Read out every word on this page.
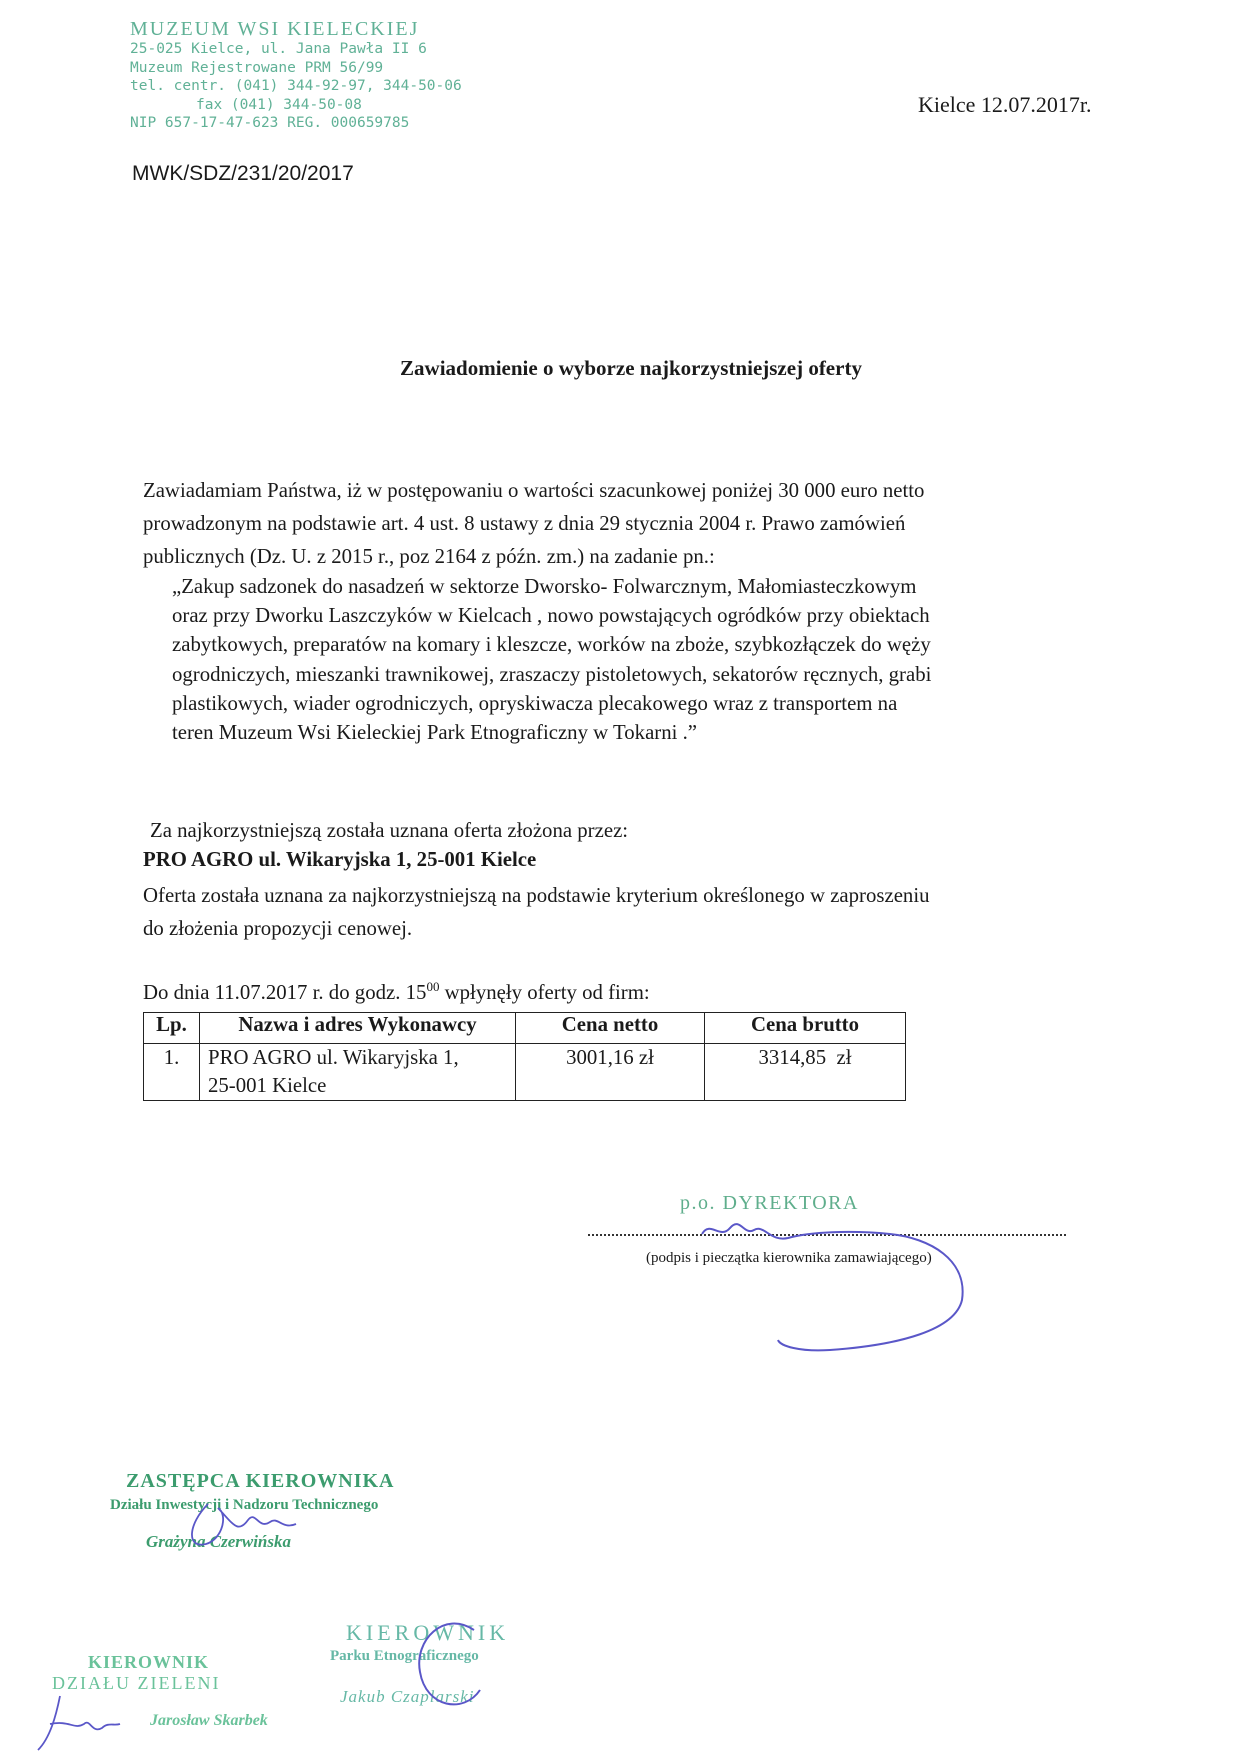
MUZEUM WSI KIELECKIEJ
25-025 Kielce, ul. Jana Pawła II 6
Muzeum Rejestrowane PRM 56/99
tel. centr. (041) 344-92-97, 344-50-06
fax (041) 344-50-08
NIP 657-17-47-623 REG. 000659785
Kielce 12.07.2017r.
MWK/SDZ/231/20/2017
Zawiadomienie o wyborze najkorzystniejszej oferty
Zawiadamiam Państwa, iż w postępowaniu o wartości szacunkowej poniżej 30 000 euro netto
prowadzonym na podstawie art. 4 ust. 8 ustawy z dnia 29 stycznia 2004 r. Prawo zamówień
publicznych (Dz. U. z 2015 r., poz 2164 z późn. zm.) na zadanie pn.:
„Zakup sadzonek do nasadzeń w sektorze Dworsko- Folwarcznym, Małomiasteczkowym
oraz przy Dworku Laszczyków w Kielcach , nowo powstających ogródków przy obiektach
zabytkowych, preparatów na komary i kleszcze, worków na zboże, szybkozłączek do węży
ogrodniczych, mieszanki trawnikowej, zraszaczy pistoletowych, sekatorów ręcznych, grabi
plastikowych, wiader ogrodniczych, opryskiwacza plecakowego wraz z transportem na
teren Muzeum Wsi Kieleckiej Park Etnograficzny w Tokarni .”
Za najkorzystniejszą została uznana oferta złożona przez:
PRO AGRO ul. Wikaryjska 1, 25-001 Kielce
Oferta została uznana za najkorzystniejszą na podstawie kryterium określonego w zaproszeniu
do złożenia propozycji cenowej.
Do dnia 11.07.2017 r. do godz. $15^{00}$ wpłynęły oferty od firm:
Lp.	Nazwa i adres Wykonawcy	Cena netto	Cena brutto
1.	PRO AGRO ul. Wikaryjska 1,
25-001 Kielce	3001,16 zł	3314,85  zł
p.o. DYREKTORA
(podpis i pieczątka kierownika zamawiającego)
ZASTĘPCA KIEROWNIKA
Działu Inwestycji i Nadzoru Technicznego
Grażyna Czerwińska
KIEROWNIK
Parku Etnograficznego
Jakub Czaplarski
KIEROWNIK
DZIAŁU ZIELENI
Jarosław Skarbek
